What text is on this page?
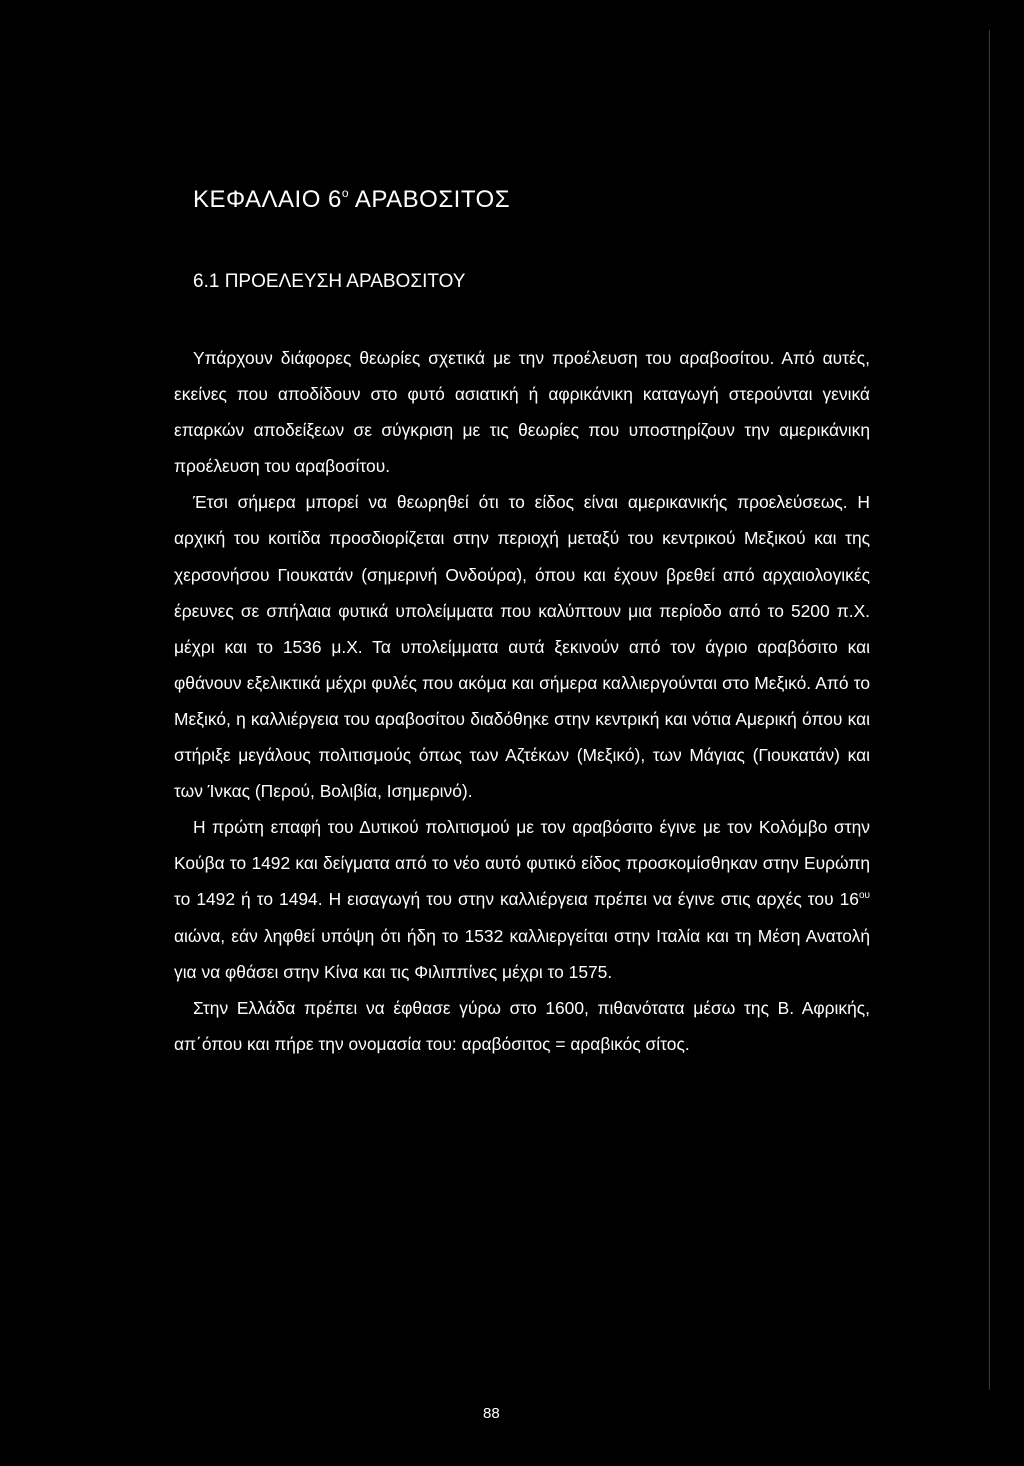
ΚΕΦΑΛΑΙΟ $6^o$ ΑΡΑΒΟΣΙΤΟΣ
6.1 ΠΡΟΕΛΕΥΣΗ ΑΡΑΒΟΣΙΤΟΥ

Υπάρχουν διάφορες θεωρίες σχετικά με την προέλευση του αραβοσίτου. Από αυτές, εκείνες που αποδίδουν στο φυτό ασιατική ή αφρικάνικη καταγωγή στερούνται γενικά επαρκών αποδείξεων σε σύγκριση με τις θεωρίες που υποστηρίζουν την αμερικάνικη προέλευση του αραβοσίτου.

Έτσι σήμερα μπορεί να θεωρηθεί ότι το είδος είναι αμερικανικής προελεύσεως. Η αρχική του κοιτίδα προσδιορίζεται στην περιοχή μεταξύ του κεντρικού Μεξικού και της χερσονήσου Γιουκατάν (σημερινή Ονδούρα), όπου και έχουν βρεθεί από αρχαιολογικές έρευνες σε σπήλαια φυτικά υπολείμματα που καλύπτουν μια περίοδο από το 5200 π.Χ. μέχρι και το 1536 μ.Χ. Τα υπολείμματα αυτά ξεκινούν από τον άγριο αραβόσιτο και φθάνουν εξελικτικά μέχρι φυλές που ακόμα και σήμερα καλλιεργούνται στο Μεξικό. Από το Μεξικό, η καλλιέργεια του αραβοσίτου διαδόθηκε στην κεντρική και νότια Αμερική όπου και στήριξε μεγάλους πολιτισμούς όπως των Αζτέκων (Μεξικό), των Μάγιας (Γιουκατάν) και των Ίνκας (Περού, Βολιβία, Ισημερινό).

Η πρώτη επαφή του Δυτικού πολιτισμού με τον αραβόσιτο έγινε με τον Κολόμβο στην Κούβα το 1492 και δείγματα από το νέο αυτό φυτικό είδος προσκομίσθηκαν στην Ευρώπη το 1492 ή το 1494. Η εισαγωγή του στην καλλιέργεια πρέπει να έγινε στις αρχές του $16^{o\upsilon}$ αιώνα, εάν ληφθεί υπόψη ότι ήδη το 1532 καλλιεργείται στην Ιταλία και τη Μέση Ανατολή για να φθάσει στην Κίνα και τις Φιλιππίνες μέχρι το 1575.

Στην Ελλάδα πρέπει να έφθασε γύρω στο 1600, πιθανότατα μέσω της Β. Αφρικής, απ΄όπου και πήρε την ονομασία του: αραβόσιτος = αραβικός σίτος.

88
